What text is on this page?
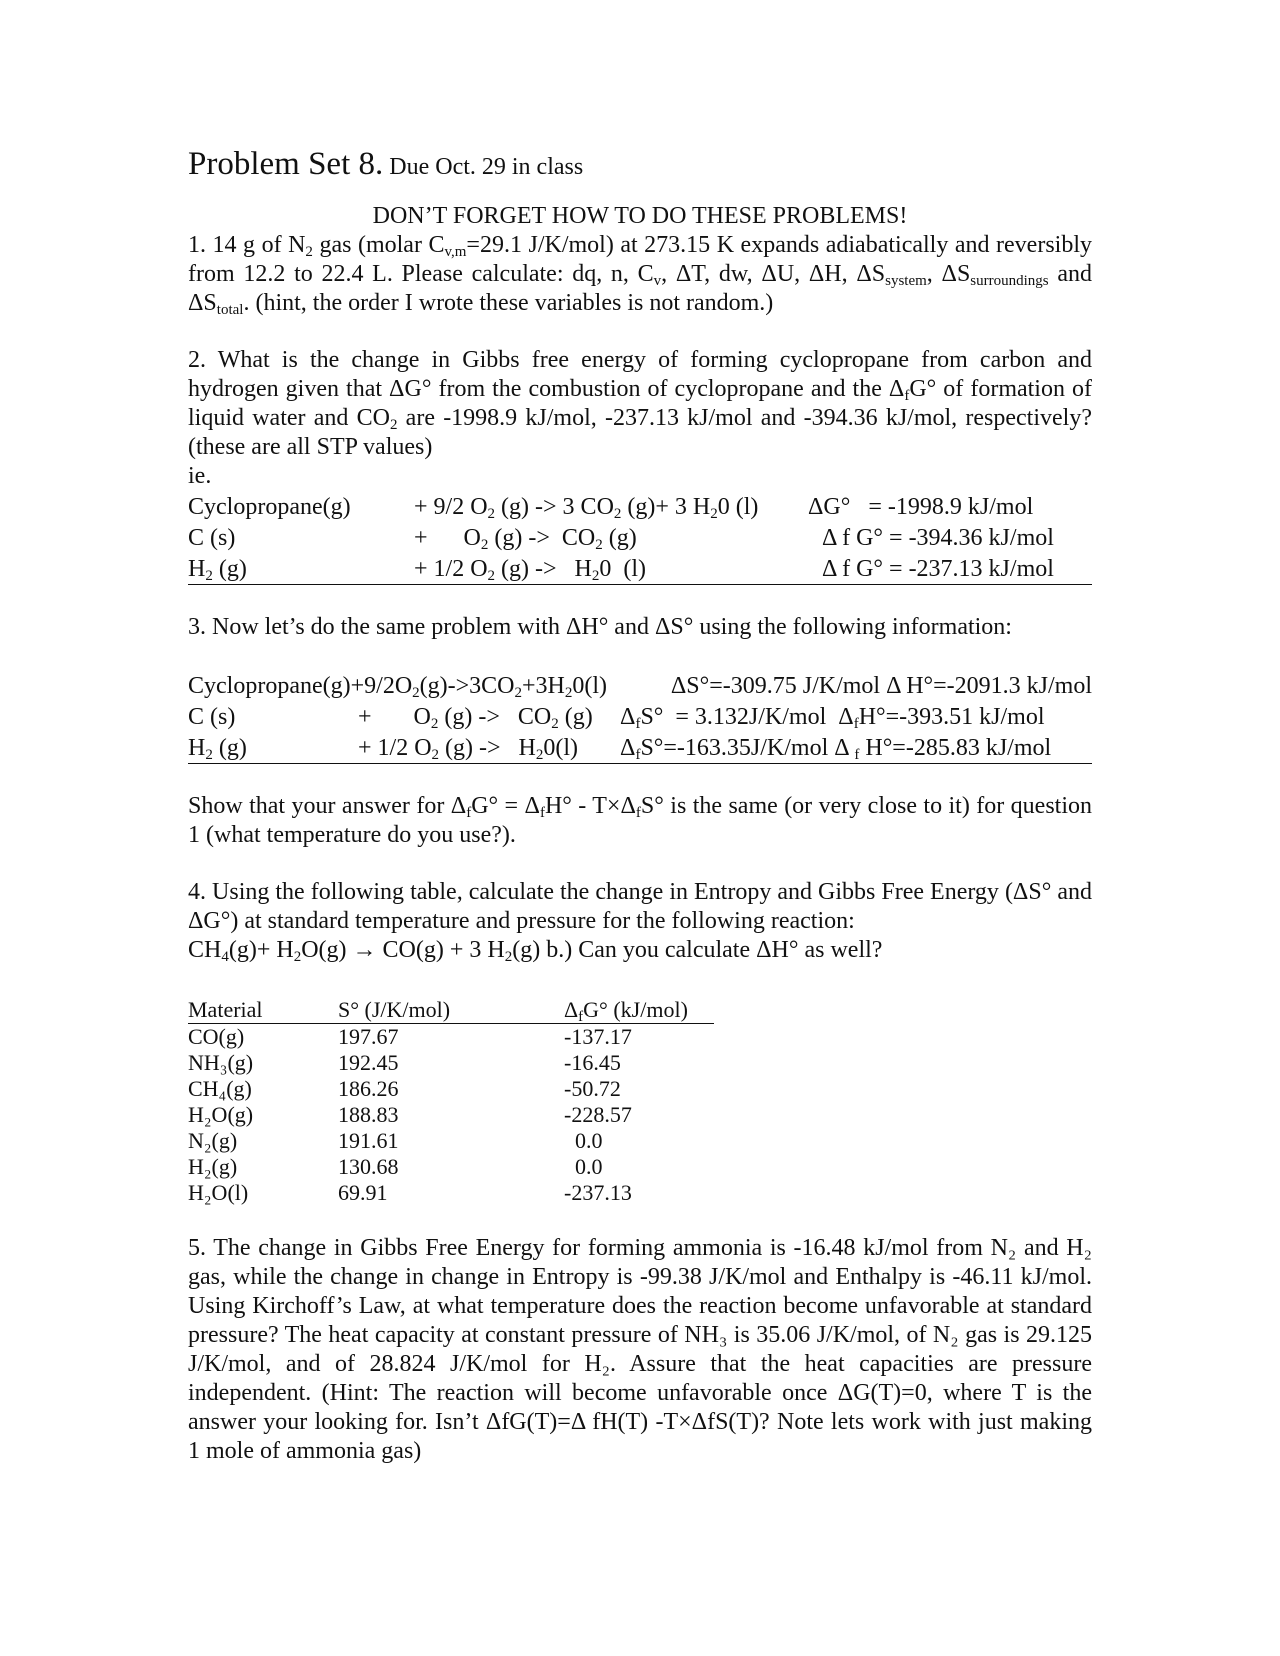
Problem Set 8. Due Oct. 29 in class

DON’T FORGET HOW TO DO THESE PROBLEMS!

1. 14 g of $N_2$ gas (molar $C_{v,m}=29.1$ J/K/mol) at 273.15 K expands adiabatically and reversibly from 12.2 to 22.4 L. Please calculate: dq, n, $C_v$, ΔT, dw, ΔU, ΔH, $\Delta S_{system}$, $\Delta S_{surroundings}$ and $\Delta S_{total}$. (hint, the order I wrote these variables is not random.)

2. What is the change in Gibbs free energy of forming cyclopropane from carbon and hydrogen given that ΔG° from the combustion of cyclopropane and the $\Delta_fG^\circ$ of formation of liquid water and $CO_2$ are -1998.9 kJ/mol, -237.13 kJ/mol and -394.36 kJ/mol, respectively? (these are all STP values)

ie.

Cyclopropane(g)	+ 9/2 $O_2$ (g) -> 3 $CO_2$ (g)+ 3 $H_20$ (l)	ΔG°   = -1998.9 kJ/mol
C (s)	+      $O_2$ $(g) -> CO_2$ (g)	Δ f G° = -394.36 kJ/mol
$H_2$ (g)	+ 1/2 $O_2$ $(g) -> H_20$  (l)	Δ f G° = -237.13 kJ/mol

3. Now let’s do the same problem with ΔH° and ΔS° using the following information:

$Cyclopropane(g)+9/2O_2(g)->3CO_2+3H_20(l)$	ΔS°=-309.75 J/K/mol Δ H°=-2091.3 kJ/mol
C (s)	+       $O_2$ $(g) -> CO_2$ (g)	$\Delta_fS^\circ = 3.132J/K/mol$  $\Delta_fH^\circ=-393.51$ kJ/mol
$H_2$ (g)	+ 1/2 $O_2$ $(g) -> H_20(l)$	$\Delta_fS^\circ=-163.35J/K$/mol Δ $_f$ H°=-285.83 kJ/mol

Show that your answer for $\Delta_fG^\circ = \Delta_fH^\circ - T\times\Delta_fS^\circ$ is the same (or very close to it) for question 1 (what temperature do you use?).

4. Using the following table, calculate the change in Entropy and Gibbs Free Energy (ΔS° and ΔG°) at standard temperature and pressure for the following reaction:

$CH_4(g)+ H_2O(g) \to CO(g) + 3$ $H_2(g)$ b.) Can you calculate ΔH° as well?

Material	S° (J/K/mol)	$\Delta_fG^\circ$ (kJ/mol)
CO(g)	197.67	-137.17
NH₃(g)	192.45	-16.45
CH₄(g)	186.26	-50.72
H₂O(g)	188.83	-228.57
N₂(g)	191.61	0.0
H₂(g)	130.68	0.0
H₂O(l)	69.91	-237.13

5. The change in Gibbs Free Energy for forming ammonia is -16.48 kJ/mol from N₂ and H₂ gas, while the change in change in Entropy is -99.38 J/K/mol and Enthalpy is -46.11 kJ/mol. Using Kirchoff’s Law, at what temperature does the reaction become unfavorable at standard pressure? The heat capacity at constant pressure of NH₃ is 35.06 J/K/mol, of N₂ gas is 29.125 J/K/mol, and of 28.824 J/K/mol for H₂. Assure that the heat capacities are pressure independent. (Hint: The reaction will become unfavorable once ΔG(T)=0, where T is the answer your looking for. Isn’t ΔfG(T)=Δ fH(T) -T×ΔfS(T)? Note lets work with just making 1 mole of ammonia gas)
